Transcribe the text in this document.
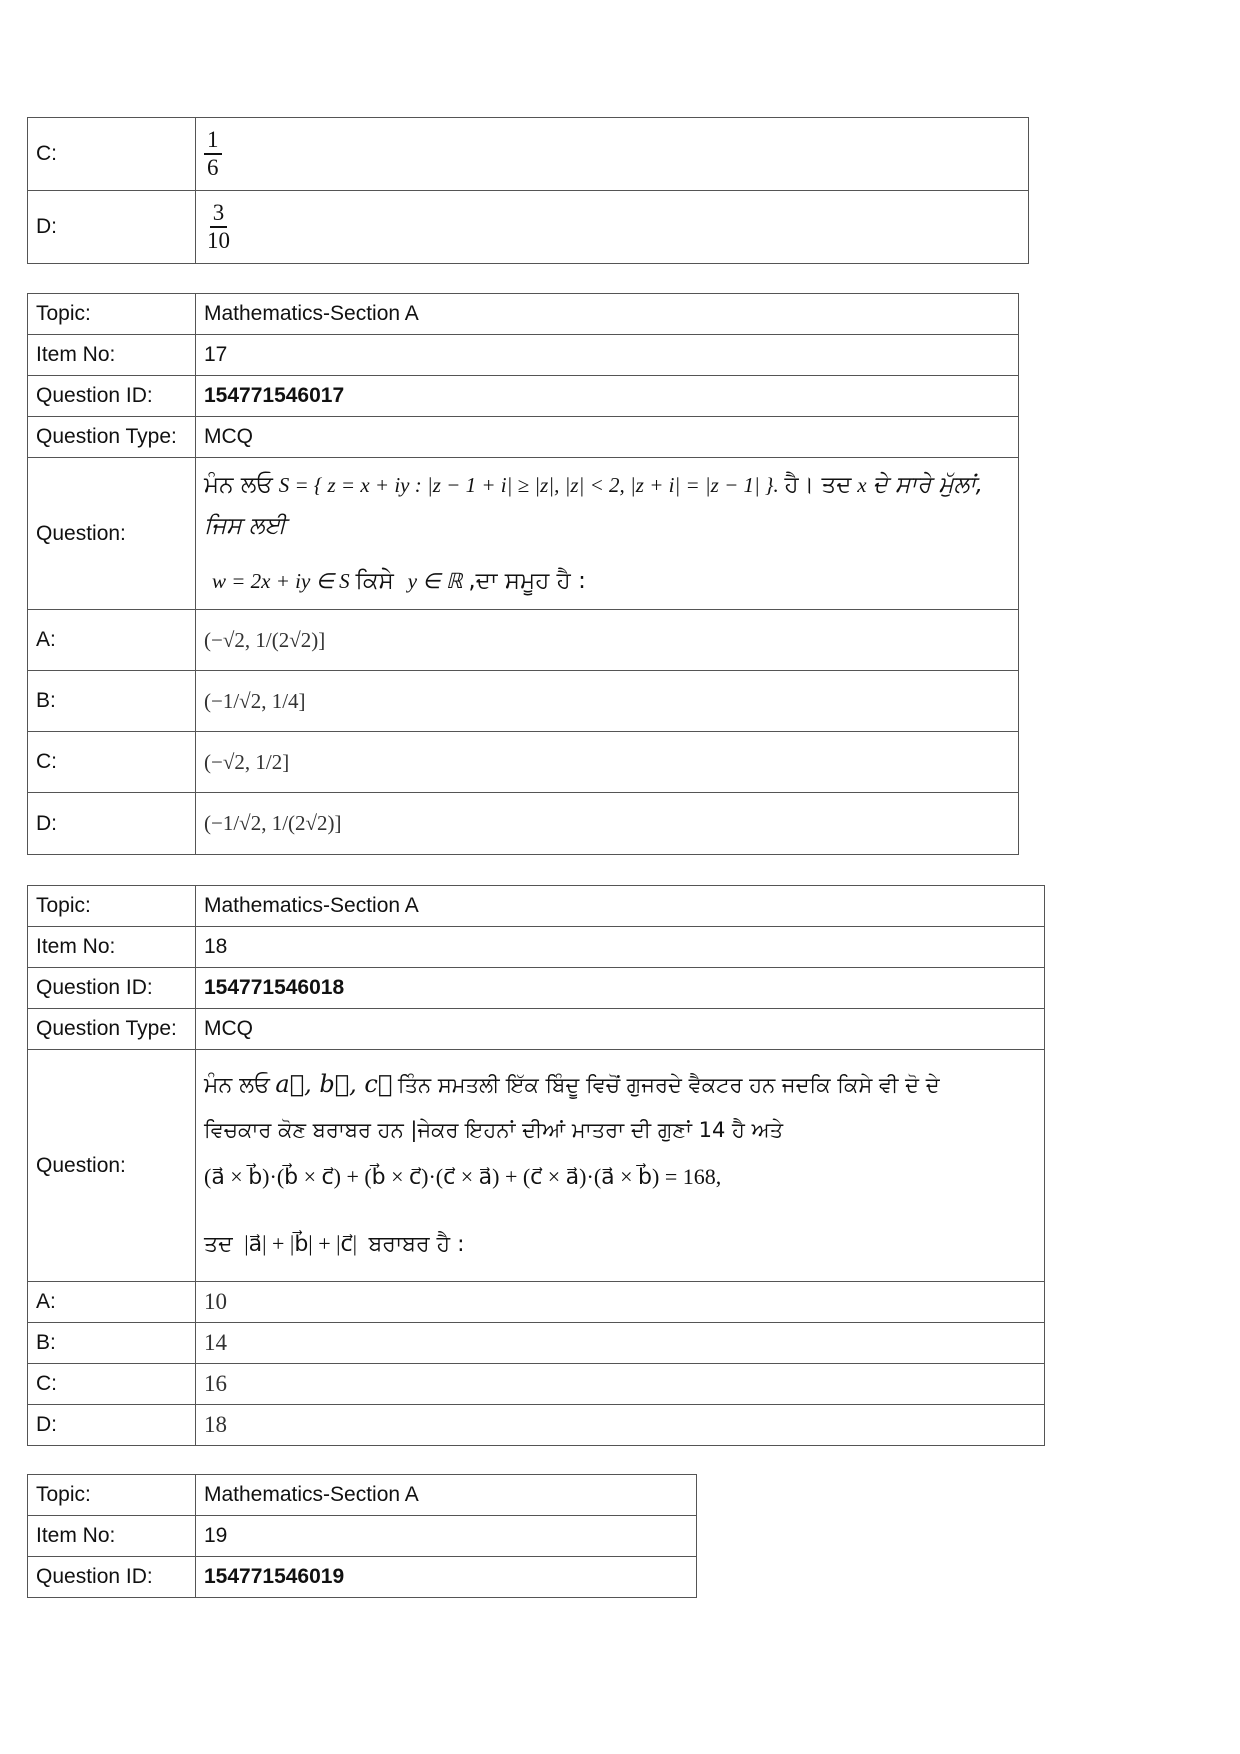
C:	$\frac{1}{6}$

D:	$\frac{3}{10}$
Topic:	Mathematics-Section A
Item No:	17
Question ID:	154771546017
Question Type:	MCQ
Question:	ਮੰਨ ਲਓ S = { z = x + iy : |z − 1 + i| ≥ |z|, |z| < 2, |z + i| = |z − 1| }. ਹੈ। ਤਦ x ਦੇ ਸਾਰੇ ਮੁੱਲਾਂ,
ਜਿਸ ਲਈ
w = 2x + iy ∈ S ਕਿਸੇ y ∈ ℝ ,ਦਾ ਸਮੂਹ ਹੈ :

A:	(−√2, 1/(2√2)]
B:	(−1/√2, 1/4]
C:	(−√2, 1/2]
D:	(−1/√2, 1/(2√2)]
Topic:	Mathematics-Section A
Item No:	18
Question ID:	154771546018
Question Type:	MCQ
Question:	ਮੰਨ ਲਓ a⃗, b⃗, c⃗ ਤਿੰਨ ਸਮਤਲੀ ਇੱਕ ਬਿੰਦੂ ਵਿਚੋਂ ਗੁਜਰਦੇ ਵੈਕਟਰ ਹਨ ਜਦਕਿ ਕਿਸੇ ਵੀ ਦੋ ਦੇ
ਵਿਚਕਾਰ ਕੋਣ ਬਰਾਬਰ ਹਨ |ਜੇਕਰ ਇਹਨਾਂ ਦੀਆਂ ਮਾਤਰਾ ਦੀ ਗੁਣਾਂ 14 ਹੈ ਅਤੇ
(a⃗ × b⃗)·(b⃗ × c⃗) + (b⃗ × c⃗)·(c⃗ × a⃗) + (c⃗ × a⃗)·(a⃗ × b⃗) = 168,
ਤਦ |a⃗| + |b⃗| + |c⃗| ਬਰਾਬਰ ਹੈ :

A:	10
B:	14
C:	16
D:	18
Topic:	Mathematics-Section A
Item No:	19
Question ID:	154771546019
